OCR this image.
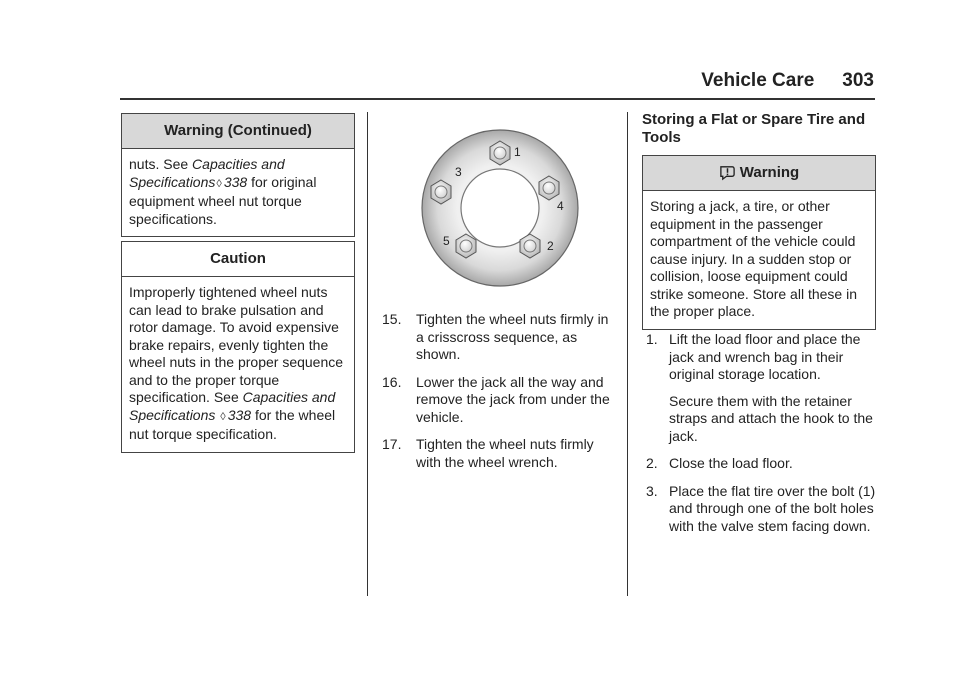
Vehicle Care 303
Warning (Continued)
nuts. See Capacities and Specifications◊ 338 for original equipment wheel nut torque specifications.
Caution
Improperly tightened wheel nuts can lead to brake pulsation and rotor damage. To avoid expensive brake repairs, evenly tighten the wheel nuts in the proper sequence and to the proper torque specification. See Capacities and Specifications ◊ 338 for the wheel nut torque specification.
1
2
3
4
5
15.	Tighten the wheel nuts firmly in a crisscross sequence, as shown.
16.	Lower the jack all the way and remove the jack from under the vehicle.
17.	Tighten the wheel nuts firmly with the wheel wrench.
Storing a Flat or Spare Tire and Tools
Warning
Storing a jack, a tire, or other equipment in the passenger compartment of the vehicle could cause injury. In a sudden stop or collision, loose equipment could strike someone. Store all these in the proper place.
1. Lift the load floor and place the jack and wrench bag in their original storage location.
Secure them with the retainer straps and attach the hook to the jack.
2. Close the load floor.
3. Place the flat tire over the bolt (1) and through one of the bolt holes with the valve stem facing down.
